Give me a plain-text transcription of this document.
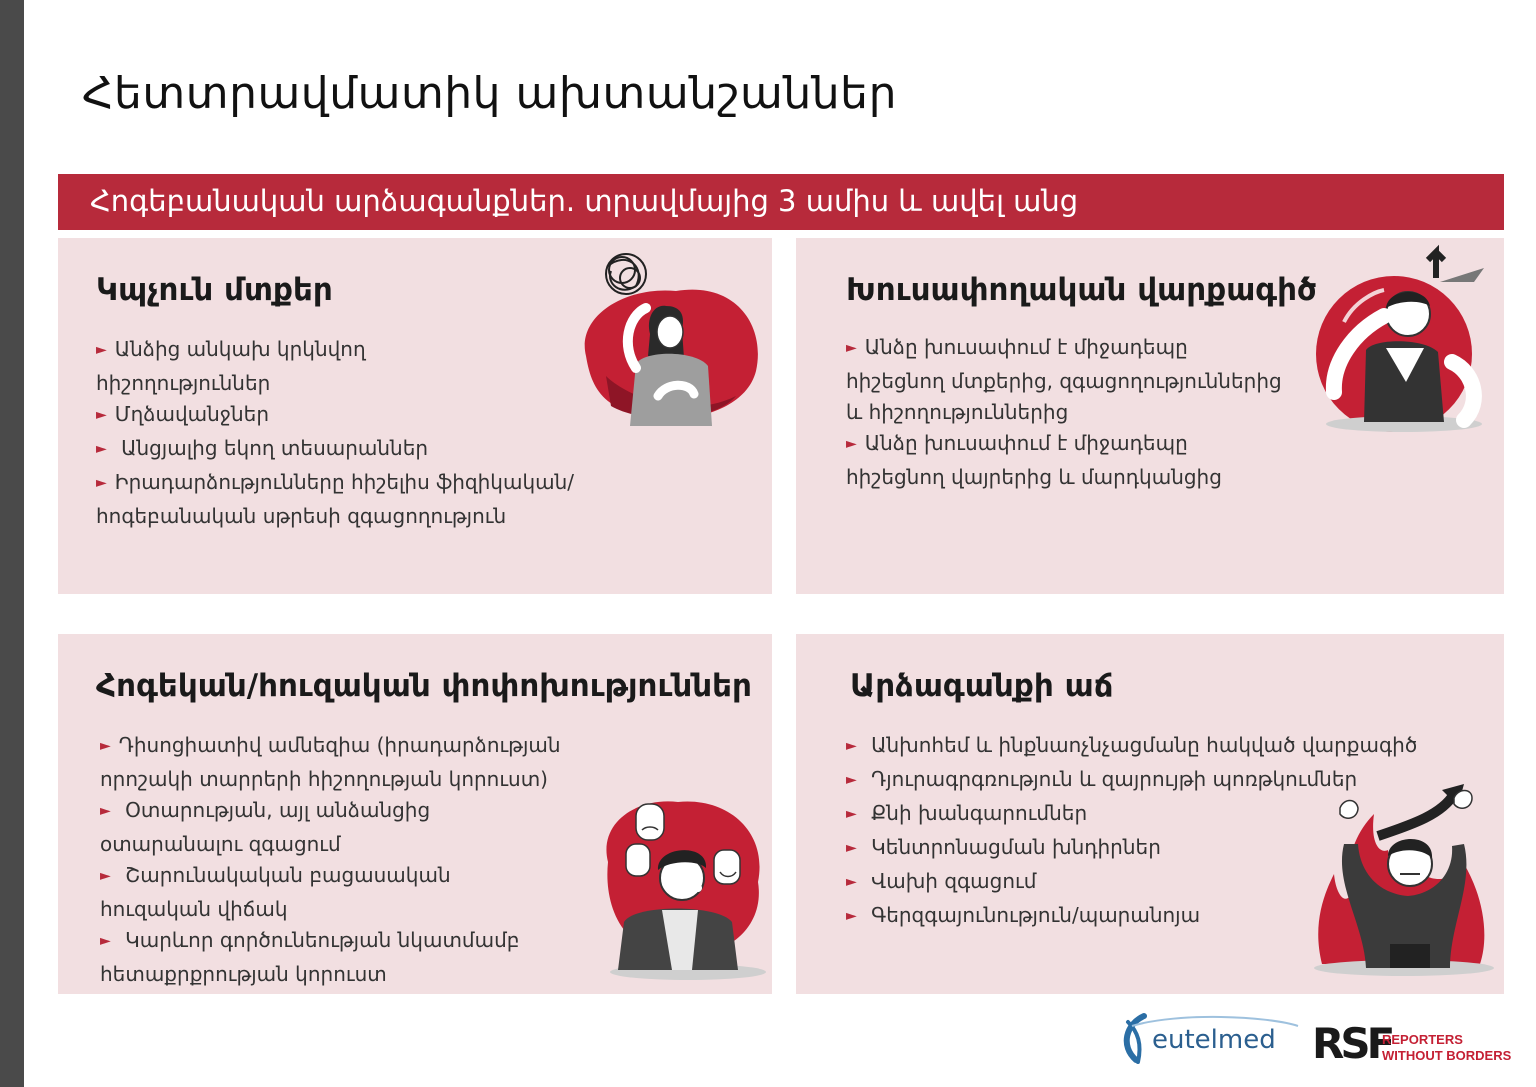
Հետտրավմատիկ ախտանշաններ
Հոգեբանական արձագանքներ. տրավմայից 3 ամիս և ավել անց
Կպչուն մտքեր
► Անձից անկախ կրկնվող
հիշողություններ
► Մղձավանջներ
► Անցյալից եկող տեսարաններ
► Իրադարձությունները հիշելիս ֆիզիկական/
հոգեբանական սթրեսի զգացողություն
Խուսափողական վարքագիծ
► Անձը խուսափում է միջադեպը
հիշեցնող մտքերից, զգացողություններից
և հիշողություններից
► Անձը խուսափում է միջադեպը
հիշեցնող վայրերից և մարդկանցից
Հոգեկան/հուզական փոփոխություններ
► Դիսոցիատիվ ամնեզիա (իրադարձության
որոշակի տարրերի հիշողության կորուստ)
► Օտարության, այլ անձանցից
օտարանալու զգացում
► Շարունակական բացասական
հուզական վիճակ
► Կարևոր գործունեության նկատմամբ
հետաքրքրության կորուստ
Արձագանքի աճ
► Անխոհեմ և ինքնաոչնչացմանը հակված վարքագիծ
► Դյուրագրգռություն և զայրույթի պոռթկումներ
► Քնի խանգարումներ
► Կենտրոնացման խնդիրներ
► Վախի զգացում
► Գերզգայունություն/պարանոյա
eutelmed RSF
REPORTERS
WITHOUT BORDERS
